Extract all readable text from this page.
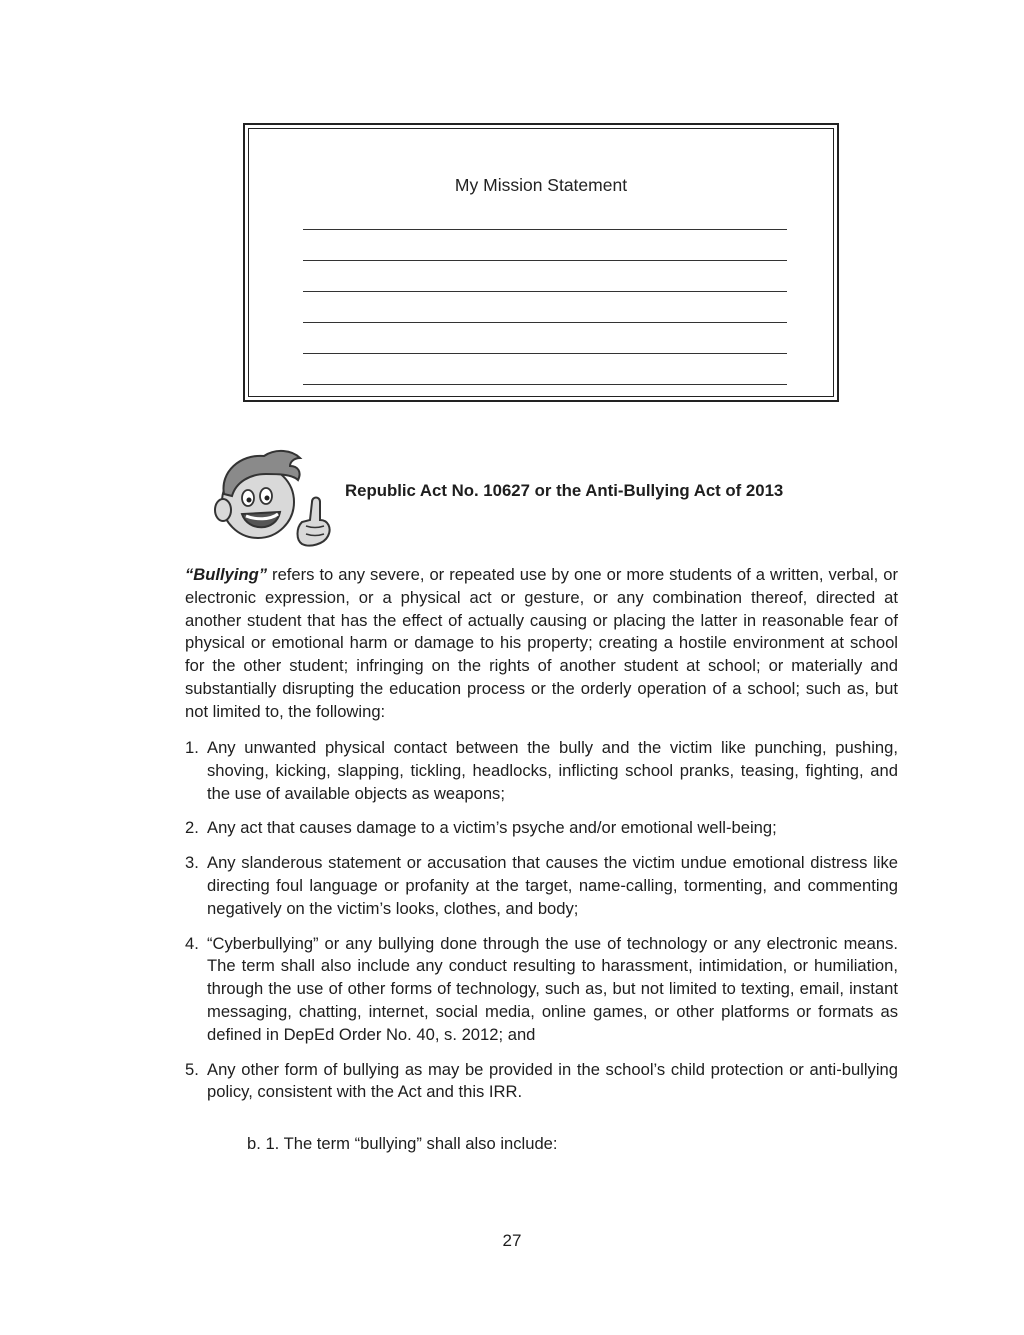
My Mission Statement
Republic Act No. 10627 or the Anti-Bullying Act of 2013
“Bullying” refers to any severe, or repeated use by one or more students of a written, verbal, or electronic expression, or a physical act or gesture, or any combination thereof, directed at another student that has the effect of actually causing or placing the latter in reasonable fear of physical or emotional harm or damage to his property; creating a hostile environment at school for the other student; infringing on the rights of another student at school; or materially and substantially disrupting the education process or the orderly operation of a school; such as, but not limited to, the following:
1. Any unwanted physical contact between the bully and the victim like punching, pushing, shoving, kicking, slapping, tickling, headlocks, inflicting school pranks, teasing, fighting, and the use of available objects as weapons;
2. Any act that causes damage to a victim’s psyche and/or emotional well-being;
3. Any slanderous statement or accusation that causes the victim undue emotional distress like directing foul language or profanity at the target, name-calling, tormenting, and commenting negatively on the victim’s looks, clothes, and body;
4. “Cyberbullying” or any bullying done through the use of technology or any electronic means. The term shall also include any conduct resulting to harassment, intimidation, or humiliation, through the use of other forms of technology, such as, but not limited to texting, email, instant messaging, chatting, internet, social media, online games, or other platforms or formats as defined in DepEd Order No. 40, s. 2012; and
5. Any other form of bullying as may be provided in the school’s child protection or anti-bullying policy, consistent with the Act and this IRR.
b. 1. The term “bullying” shall also include:
27
